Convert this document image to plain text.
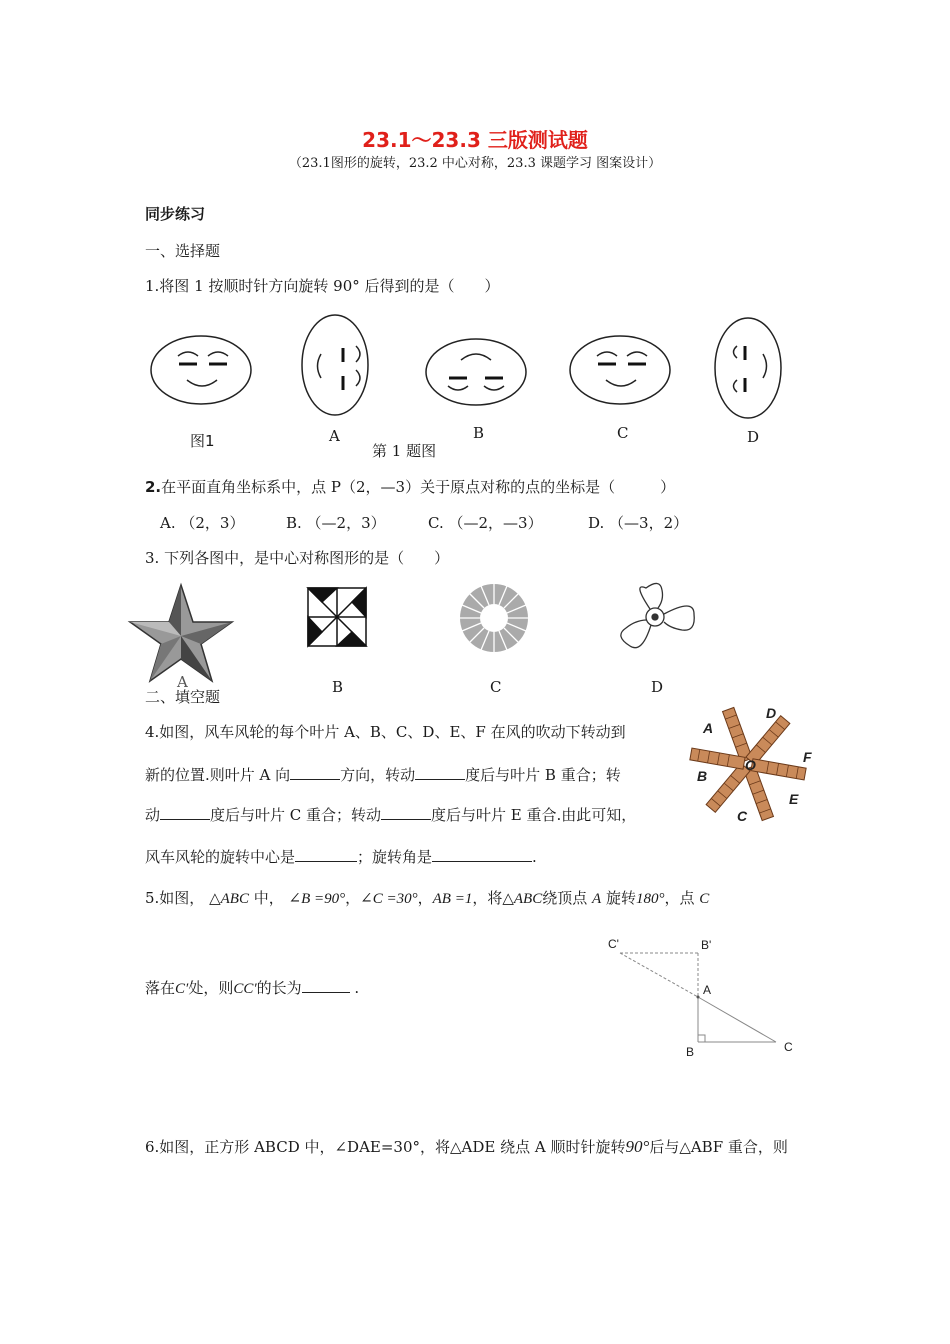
23.1～23.3 三版测试题
（23.1图形的旋转，23.2 中心对称，23.3 课题学习 图案设计）
同步练习
一、选择题
1.将图 1 按顺时针方向旋转 90° 后得到的是（　　）
图1	A
第 1 题图
B	C	D
2.在平面直角坐标系中，点 P（2，—3）关于原点对称的点的坐标是（　　　）
A. （2，3）	B. （—2，3）	C. （—2，—3）	D. （—3，2）
3. 下列各图中，是中心对称图形的是（　　）
B	C	D
A
二、填空题
4.如图，风车风轮的每个叶片 A、B、C、D、E、F 在风的吹动下转动到
新的位置.则叶片 A 向	方向，转动	度后与叶片 B 重合；转
动	度后与叶片 C 重合；转动	度后与叶片 E 重合.由此可知，
风车风轮的旋转中心是	；旋转角是	.
A
D
F
B
O
E
C
5.如图， △ABC 中， ∠B =90°，∠C =30°，AB =1，将△ABC绕顶点 A 旋转180°，点 C
落在C′处，则CC′的长为	.
C'	B'
A
B	C
6.如图，正方形 ABCD 中，∠DAE=30°，将△ADE 绕点 A 顺时针旋转90°后与△ABF 重合，则
